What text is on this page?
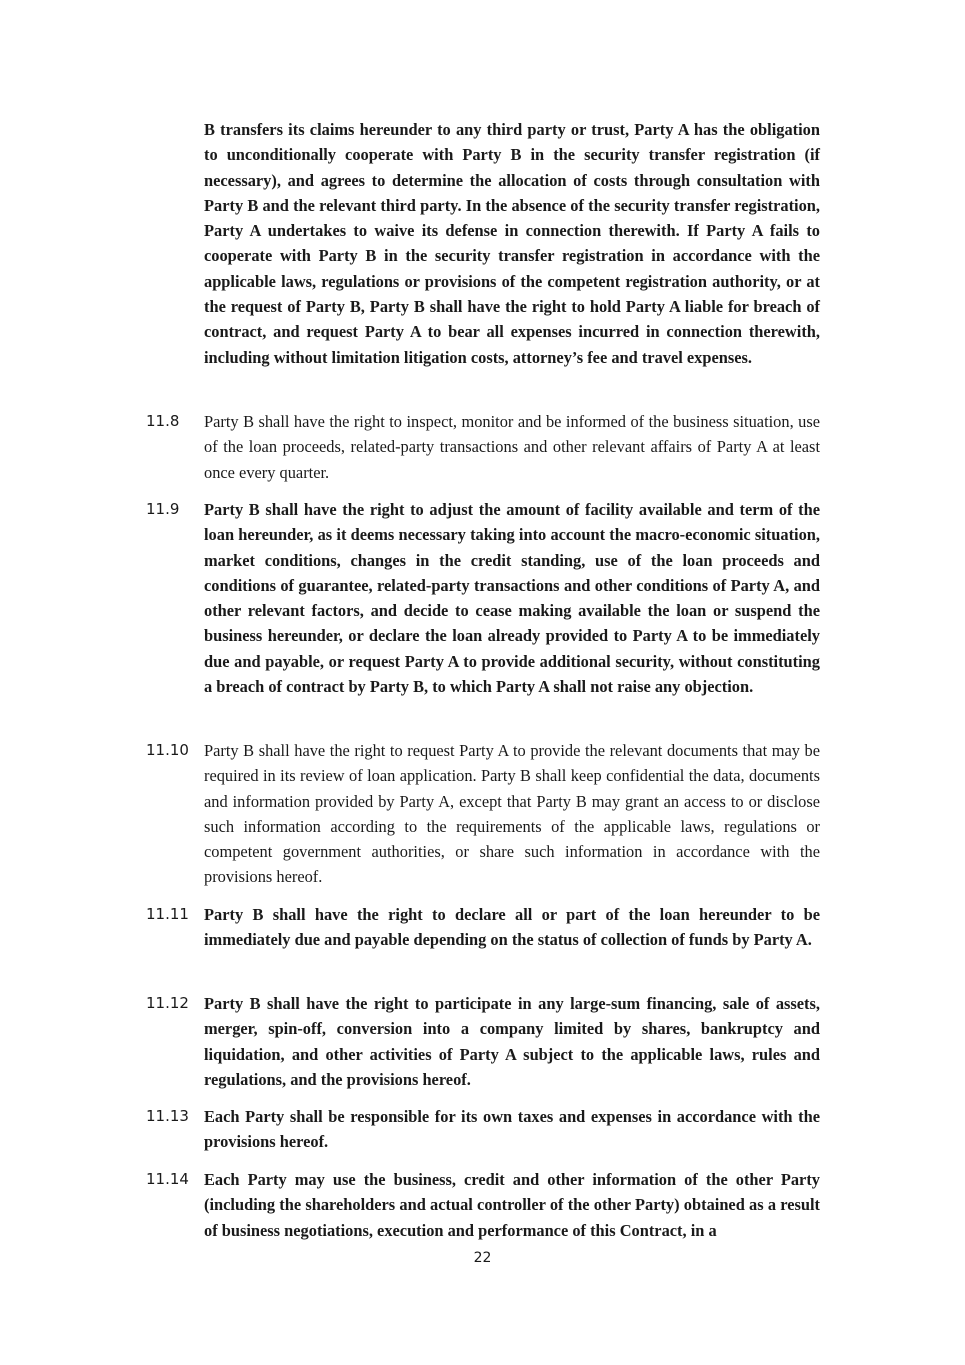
B transfers its claims hereunder to any third party or trust, Party A has the obligation to unconditionally cooperate with Party B in the security transfer registration (if necessary), and agrees to determine the allocation of costs through consultation with Party B and the relevant third party. In the absence of the security transfer registration, Party A undertakes to waive its defense in connection therewith. If Party A fails to cooperate with Party B in the security transfer registration in accordance with the applicable laws, regulations or provisions of the competent registration authority, or at the request of Party B, Party B shall have the right to hold Party A liable for breach of contract, and request Party A to bear all expenses incurred in connection therewith, including without limitation litigation costs, attorney’s fee and travel expenses.

11.8 Party B shall have the right to inspect, monitor and be informed of the business situation, use of the loan proceeds, related-party transactions and other relevant affairs of Party A at least once every quarter.

11.9 Party B shall have the right to adjust the amount of facility available and term of the loan hereunder, as it deems necessary taking into account the macro-economic situation, market conditions, changes in the credit standing, use of the loan proceeds and conditions of guarantee, related-party transactions and other conditions of Party A, and other relevant factors, and decide to cease making available the loan or suspend the business hereunder, or declare the loan already provided to Party A to be immediately due and payable, or request Party A to provide additional security, without constituting a breach of contract by Party B, to which Party A shall not raise any objection.

11.10 Party B shall have the right to request Party A to provide the relevant documents that may be required in its review of loan application. Party B shall keep confidential the data, documents and information provided by Party A, except that Party B may grant an access to or disclose such information according to the requirements of the applicable laws, regulations or competent government authorities, or share such information in accordance with the provisions hereof.

11.11 Party B shall have the right to declare all or part of the loan hereunder to be immediately due and payable depending on the status of collection of funds by Party A.

11.12 Party B shall have the right to participate in any large-sum financing, sale of assets, merger, spin-off, conversion into a company limited by shares, bankruptcy and liquidation, and other activities of Party A subject to the applicable laws, rules and regulations, and the provisions hereof.

11.13 Each Party shall be responsible for its own taxes and expenses in accordance with the provisions hereof.

11.14 Each Party may use the business, credit and other information of the other Party (including the shareholders and actual controller of the other Party) obtained as a result of business negotiations, execution and performance of this Contract, in a

22
